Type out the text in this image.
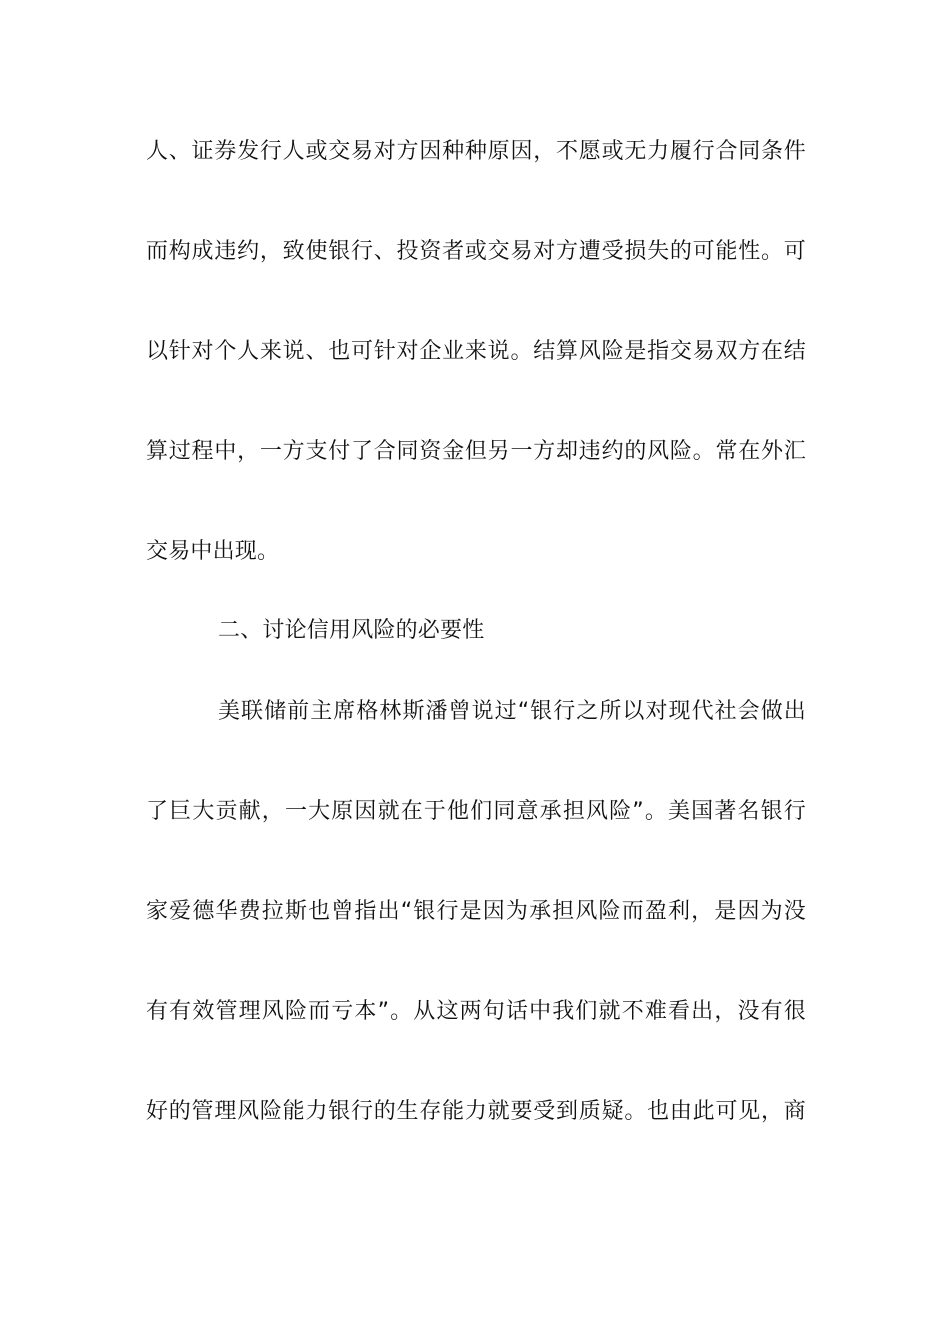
人、证券发行人或交易对方因种种原因，不愿或无力履行合同条件
而构成违约，致使银行、投资者或交易对方遭受损失的可能性。可
以针对个人来说、也可针对企业来说。结算风险是指交易双方在结
算过程中，一方支付了合同资金但另一方却违约的风险。常在外汇
交易中出现。
二、讨论信用风险的必要性
美联储前主席格林斯潘曾说过“银行之所以对现代社会做出
了巨大贡献，一大原因就在于他们同意承担风险”。美国著名银行
家爱德华费拉斯也曾指出“银行是因为承担风险而盈利，是因为没
有有效管理风险而亏本”。从这两句话中我们就不难看出，没有很
好的管理风险能力银行的生存能力就要受到质疑。也由此可见，商
